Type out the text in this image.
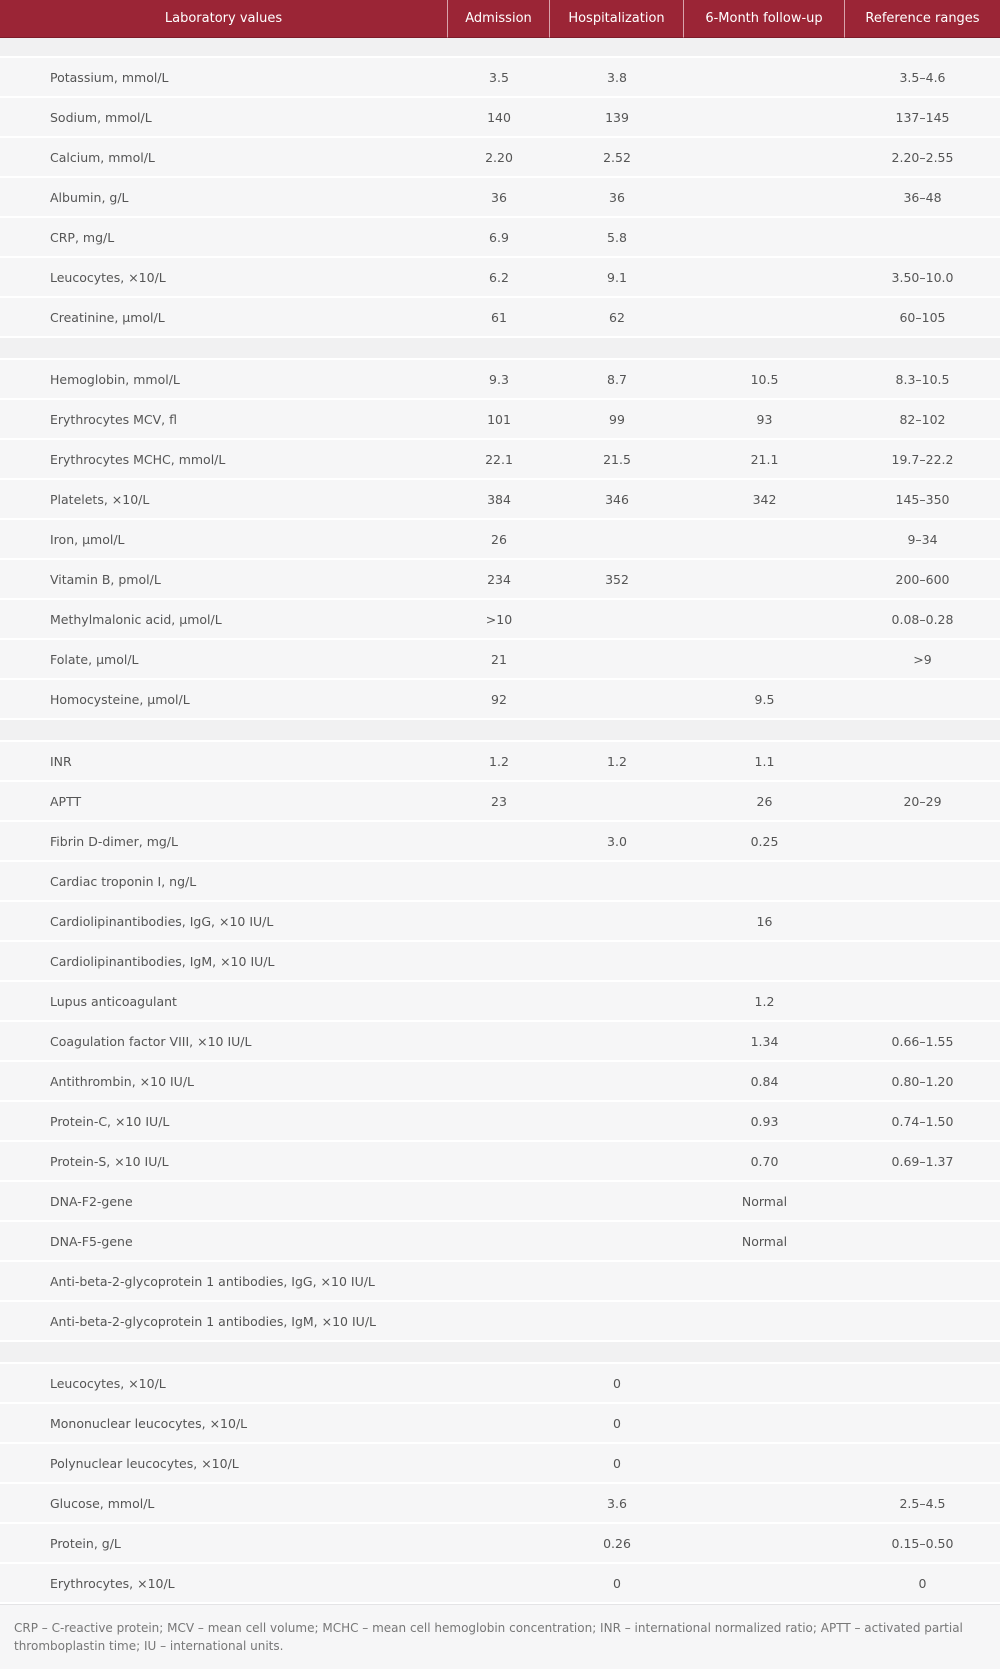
Laboratory values	Admission	Hospitalization	6-Month follow-up	Reference ranges

Potassium, mmol/L	3.5	3.8		3.5–4.6
Sodium, mmol/L	140	139		137–145
Calcium, mmol/L	2.20	2.52		2.20–2.55
Albumin, g/L	36	36		36–48
CRP, mg/L	6.9	5.8		
Leucocytes, ×10/L	6.2	9.1		3.50–10.0
Creatinine, μmol/L	61	62		60–105

Hemoglobin, mmol/L	9.3	8.7	10.5	8.3–10.5
Erythrocytes MCV, fl	101	99	93	82–102
Erythrocytes MCHC, mmol/L	22.1	21.5	21.1	19.7–22.2
Platelets, ×10/L	384	346	342	145–350
Iron, μmol/L	26			9–34
Vitamin B, pmol/L	234	352		200–600
Methylmalonic acid, μmol/L	>10			0.08–0.28
Folate, μmol/L	21			>9
Homocysteine, μmol/L	92		9.5	

INR	1.2	1.2	1.1	
APTT	23		26	20–29
Fibrin D-dimer, mg/L		3.0	0.25	
Cardiac troponin I, ng/L				
Cardiolipinantibodies, IgG, ×10 IU/L			16	
Cardiolipinantibodies, IgM, ×10 IU/L				
Lupus anticoagulant			1.2	
Coagulation factor VIII, ×10 IU/L			1.34	0.66–1.55
Antithrombin, ×10 IU/L			0.84	0.80–1.20
Protein-C, ×10 IU/L			0.93	0.74–1.50
Protein-S, ×10 IU/L			0.70	0.69–1.37
DNA-F2-gene			Normal	
DNA-F5-gene			Normal	
Anti-beta-2-glycoprotein 1 antibodies, IgG, ×10 IU/L				
Anti-beta-2-glycoprotein 1 antibodies, IgM, ×10 IU/L				

Leucocytes, ×10/L		0		
Mononuclear leucocytes, ×10/L		0		
Polynuclear leucocytes, ×10/L		0		
Glucose, mmol/L		3.6		2.5–4.5
Protein, g/L		0.26		0.15–0.50
Erythrocytes, ×10/L		0		0
CRP – C-reactive protein; MCV – mean cell volume; MCHC – mean cell hemoglobin concentration; INR – international normalized ratio; APTT – activated partial thromboplastin time; IU – international units.				
